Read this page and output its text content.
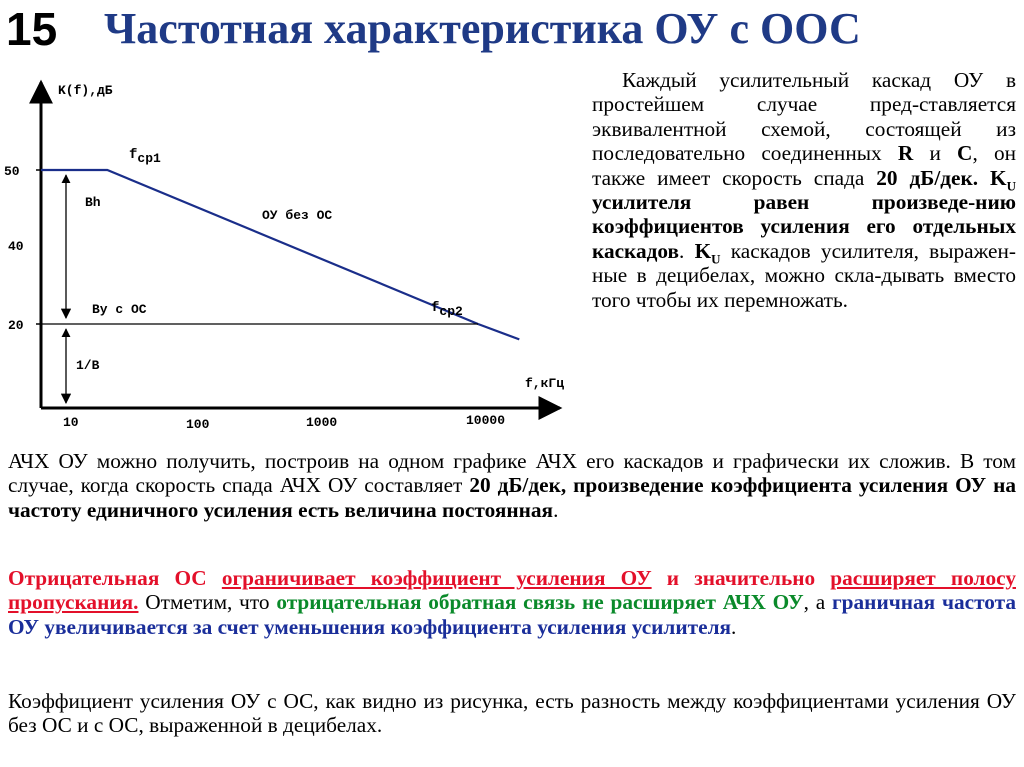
15 Частотная характеристика ОУ с ООС
K(f),дБ
f,кГц
50
40
20
10	100	1000	10000
Bh
Ву с ОС
1/В
ОУ без ОС
fcp1
fcp2

Каждый усилительный каскад ОУ в простейшем случае пред-ставляется эквивалентной схемой, состоящей из последовательно соединенных R и C, он также имеет скорость спада 20 дБ/дек. $K_U$ усилителя равен произведе-нию коэффициентов усиления его отдельных каскадов. $K_U$ каскадов усилителя, выражен-ные в децибелах, можно скла-дывать вместо того чтобы их перемножать.

АЧХ ОУ можно получить, построив на одном графике АЧХ его каскадов и графически их сложив. В том случае, когда скорость спада АЧХ ОУ составляет 20 дБ/дек, произведение коэффициента усиления ОУ на частоту единичного усиления есть величина постоянная.

Отрицательная ОС ограничивает коэффициент усиления ОУ и значительно расширяет полосу пропускания. Отметим, что отрицательная обратная связь не расширяет АЧХ ОУ, а граничная частота ОУ увеличивается за счет уменьшения коэффициента усиления усилителя.

Коэффициент усиления ОУ с ОС, как видно из рисунка, есть разность между коэффициентами усиления ОУ без ОС и с ОС, выраженной в децибелах.
